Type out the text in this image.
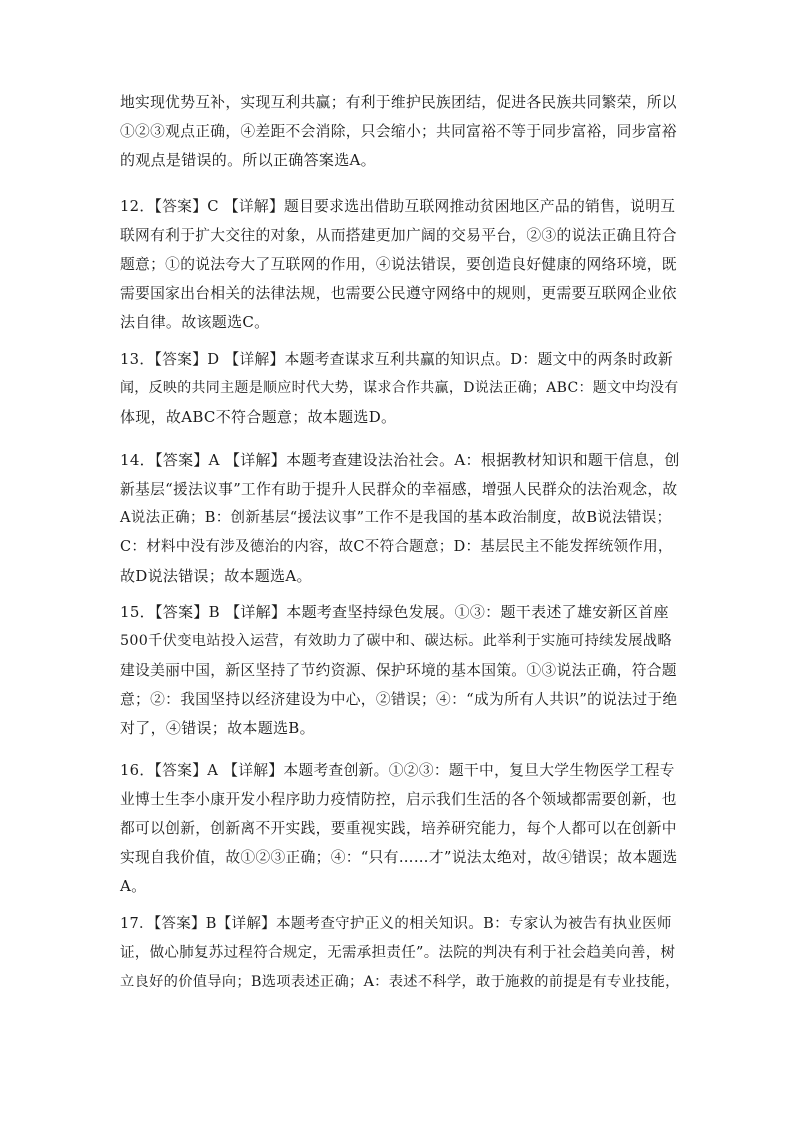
地实现优势互补，实现互利共赢；有利于维护民族团结，促进各民族共同繁荣，所以
①②③观点正确，④差距不会消除，只会缩小；共同富裕不等于同步富裕，同步富裕
的观点是错误的。所以正确答案选A。
12．【答案】C 【详解】题目要求选出借助互联网推动贫困地区产品的销售，说明互
联网有利于扩大交往的对象，从而搭建更加广阔的交易平台，②③的说法正确且符合
题意；①的说法夸大了互联网的作用，④说法错误，要创造良好健康的网络环境，既
需要国家出台相关的法律法规，也需要公民遵守网络中的规则，更需要互联网企业依
法自律。故该题选C。
13．【答案】D 【详解】本题考查谋求互利共赢的知识点。D：题文中的两条时政新
闻，反映的共同主题是顺应时代大势，谋求合作共赢，D说法正确；ABC：题文中均没有
体现，故ABC不符合题意；故本题选D。
14．【答案】A 【详解】本题考查建设法治社会。A：根据教材知识和题干信息，创
新基层“援法议事”工作有助于提升人民群众的幸福感，增强人民群众的法治观念，故
A说法正确；B：创新基层“援法议事”工作不是我国的基本政治制度，故B说法错误；
C：材料中没有涉及德治的内容，故C不符合题意；D：基层民主不能发挥统领作用，
故D说法错误；故本题选A。
15．【答案】B 【详解】本题考查坚持绿色发展。①③：题干表述了雄安新区首座
500千伏变电站投入运营，有效助力了碳中和、碳达标。此举利于实施可持续发展战略
建设美丽中国，新区坚持了节约资源、保护环境的基本国策。①③说法正确，符合题
意；②：我国坚持以经济建设为中心，②错误；④：“成为所有人共识”的说法过于绝
对了，④错误；故本题选B。
16．【答案】A 【详解】本题考查创新。①②③：题干中，复旦大学生物医学工程专
业博士生李小康开发小程序助力疫情防控，启示我们生活的各个领域都需要创新，也
都可以创新，创新离不开实践，要重视实践，培养研究能力，每个人都可以在创新中
实现自我价值，故①②③正确；④：“只有……才”说法太绝对，故④错误；故本题选
A。
17．【答案】B【详解】本题考查守护正义的相关知识。B：专家认为被告有执业医师
证，做心肺复苏过程符合规定，无需承担责任”。法院的判决有利于社会趋美向善，树
立良好的价值导向；B选项表述正确；A：表述不科学，敢于施救的前提是有专业技能，
